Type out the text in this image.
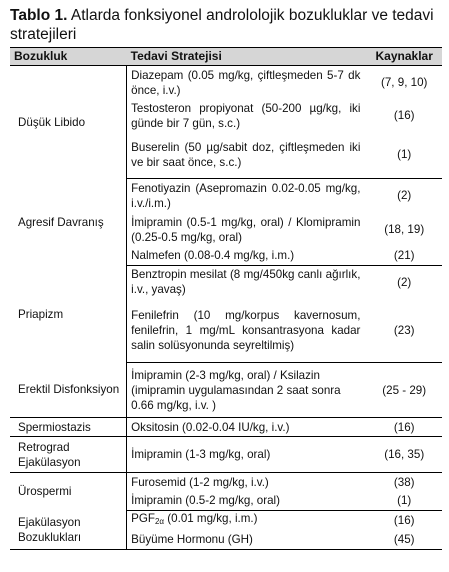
Tablo 1. Atlarda fonksiyonel andrololojik bozukluklar ve tedavi stratejileri
Bozukluk	Tedavi Stratejisi	Kaynaklar
Düşük Libido	Diazepam (0.05 mg/kg, çiftleşmeden 5-7 dk önce, i.v.)	(7, 9, 10)
	Testosteron propiyonat (50-200 µg/kg, iki günde bir 7 gün, s.c.)	(16)
	Buserelin (50 µg/sabit doz, çiftleşmeden iki ve bir saat önce, s.c.)	(1)
Agresif Davranış	Fenotiyazin (Asepromazin 0.02-0.05 mg/kg, i.v./i.m.)	(2)
	İmipramin (0.5-1 mg/kg, oral) / Klomipramin (0.25-0.5 mg/kg, oral)	(18, 19)
	Nalmefen (0.08-0.4 mg/kg, i.m.)	(21)
Priapizm	Benztropin mesilat (8 mg/450kg canlı ağırlık, i.v., yavaş)	(2)
	Fenilefrin (10 mg/korpus kavernosum, fenilefrin, 1 mg/mL konsantrasyona kadar salin solüsyonunda seyreltilmiş)	(23)
Erektil Disfonksiyon	İmipramin (2-3 mg/kg, oral) / Ksilazin (imipramin uygulamasından 2 saat sonra 0.66 mg/kg, i.v. )	(25 - 29)
Spermiostazis	Oksitosin (0.02-0.04 IU/kg, i.v.)	(16)
Retrograd Ejakülasyon	İmipramin (1-3 mg/kg, oral)	(16, 35)
Ürospermi	Furosemid (1-2 mg/kg, i.v.)	(38)
	İmipramin (0.5-2 mg/kg, oral)	(1)
Ejakülasyon Bozuklukları	$PGF_{2\alpha}$ (0.01 mg/kg, i.m.)	(16)
	Büyüme Hormonu (GH)	(45)
